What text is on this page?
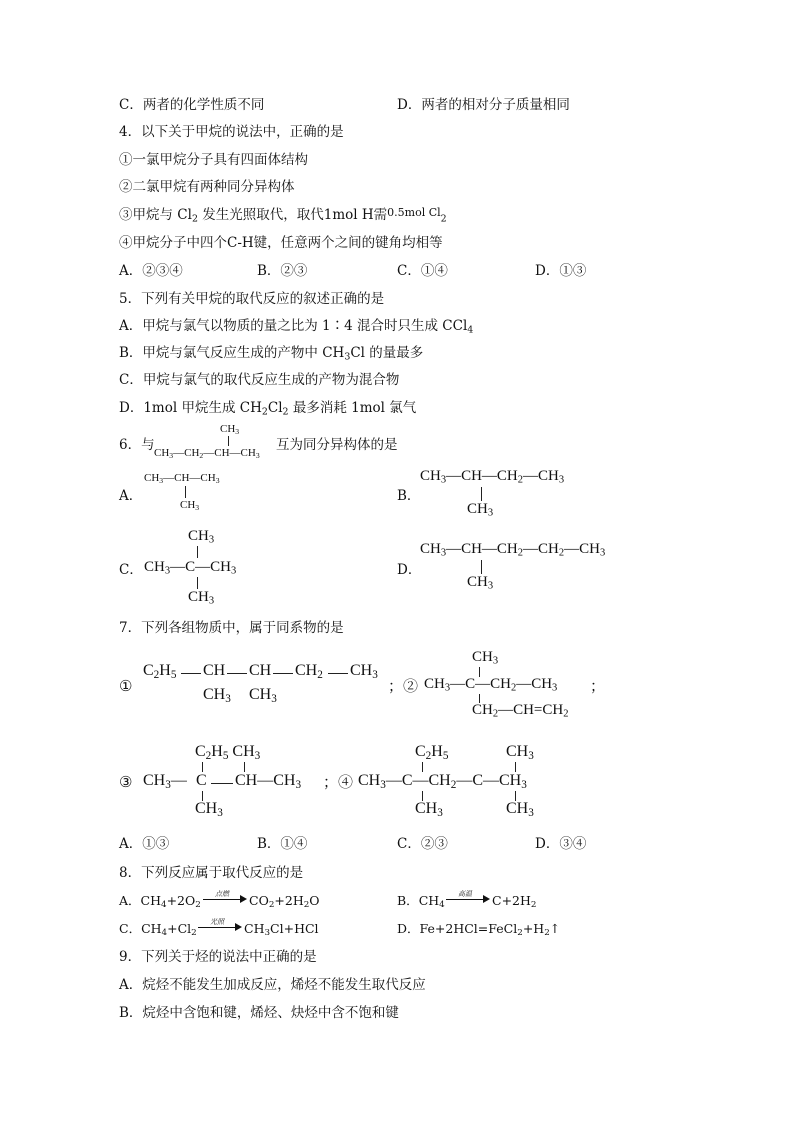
C．两者的化学性质不同	D．两者的相对分子质量相同
4．以下关于甲烷的说法中，正确的是
①一氯甲烷分子具有四面体结构
②二氯甲烷有两种同分异构体
③甲烷与 $Cl_2$ 发生光照取代，取代1mol H需$^{0.5mol Cl}_2$
④甲烷分子中四个C-H键，任意两个之间的键角均相等
A．②③④	B．②③	C．①④	D．①③
5．下列有关甲烷的取代反应的叙述正确的是
A．甲烷与氯气以物质的量之比为 1∶4 混合时只生成 CCl$_4$
B．甲烷与氯气反应生成的产物中 $CH_3Cl$ 的量最多
C．甲烷与氯气的取代反应生成的产物为混合物
D．1mol 甲烷生成 $CH_2Cl_2$ 最多消耗 1mol 氯气
6．与
$CH_3$
$CH_3—CH_2—CH—CH_3$
互为同分异构体的是
A．
$CH_3—CH—CH_3$
$CH_3$
B．
$CH_3—CH—CH_2—CH_3$
$CH_3$
C．
$CH_3$
$CH_3—C—CH_3$
$CH_3$
D．
$CH_3—CH—CH_2—CH_2—CH_3$
$CH_3$
7．下列各组物质中，属于同系物的是
①
$C_2H_5$ CH CH $CH_2$ $CH_3$
$CH_3$ $CH_3$
；②
$CH_3$
$CH_3—C—CH_2—CH_3$
$CH_2—CH=CH_2$
；
③
$C_2H_5$ $CH_3$
$CH_3—$ C $CH—CH_3$
$CH_3$
；④
$C_2H_5$	$CH_3$
$CH_3—C—CH_2—C—CH_3$
$CH_3$	$CH_3$
A．①③	B．①④	C．②③	D．③④
8．下列反应属于取代反应的是
A．$CH_4+2O_2$
点燃 $CO_2+2H_2O$	B．$CH_4$
高温 $C+2H_2$
C．$CH_4+Cl_2$
光照 $CH_3Cl+HCl$	D．$Fe+2HCl=FeCl_2+H_2↑$
9．下列关于烃的说法中正确的是
A．烷烃不能发生加成反应，烯烃不能发生取代反应
B．烷烃中含饱和键，烯烃、炔烃中含不饱和键
